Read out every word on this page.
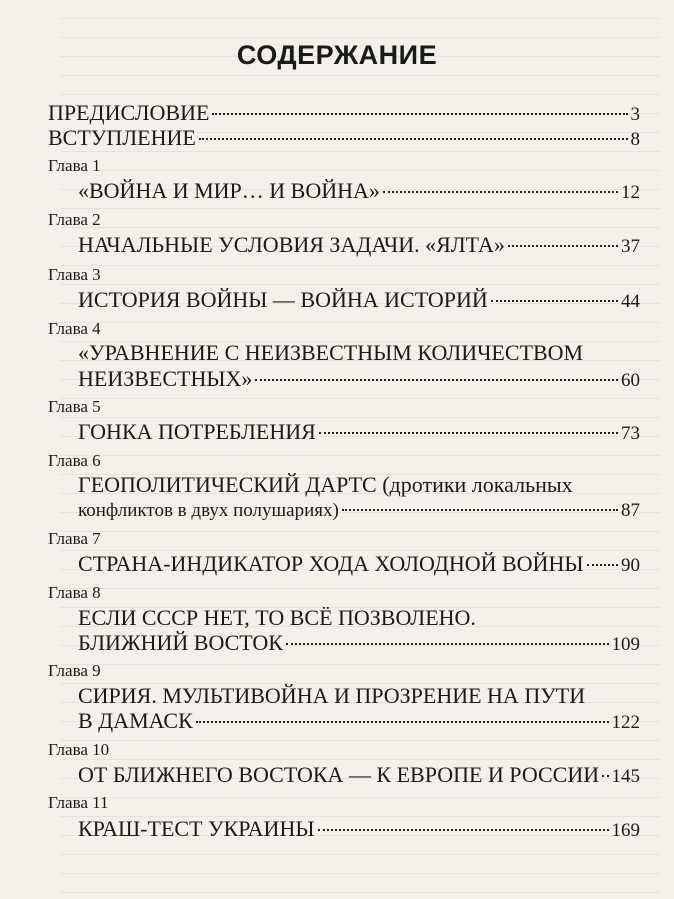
СОДЕРЖАНИЕ
ПРЕДИСЛОВИЕ	3
ВСТУПЛЕНИЕ	8
Глава 1
«ВОЙНА И МИР… И ВОЙНА»	12
Глава 2
НАЧАЛЬНЫЕ УСЛОВИЯ ЗАДАЧИ. «ЯЛТА»	37
Глава 3
ИСТОРИЯ ВОЙНЫ — ВОЙНА ИСТОРИЙ	44
Глава 4
«УРАВНЕНИЕ С НЕИЗВЕСТНЫМ КОЛИЧЕСТВОМ
НЕИЗВЕСТНЫХ»	60
Глава 5
ГОНКА ПОТРЕБЛЕНИЯ	73
Глава 6
ГЕОПОЛИТИЧЕСКИЙ ДАРТС (дротики локальных
конфликтов в двух полушариях)	87
Глава 7
СТРАНА-ИНДИКАТОР ХОДА ХОЛОДНОЙ ВОЙНЫ 90
Глава 8
ЕСЛИ СССР НЕТ, ТО ВСЁ ПОЗВОЛЕНО.
БЛИЖНИЙ ВОСТОК	109
Глава 9
СИРИЯ. МУЛЬТИВОЙНА И ПРОЗРЕНИЕ НА ПУТИ
В ДАМАСК	122
Глава 10
ОТ БЛИЖНЕГО ВОСТОКА — К ЕВРОПЕ И РОССИИ 145
Глава 11
КРАШ-ТЕСТ УКРАИНЫ	169
